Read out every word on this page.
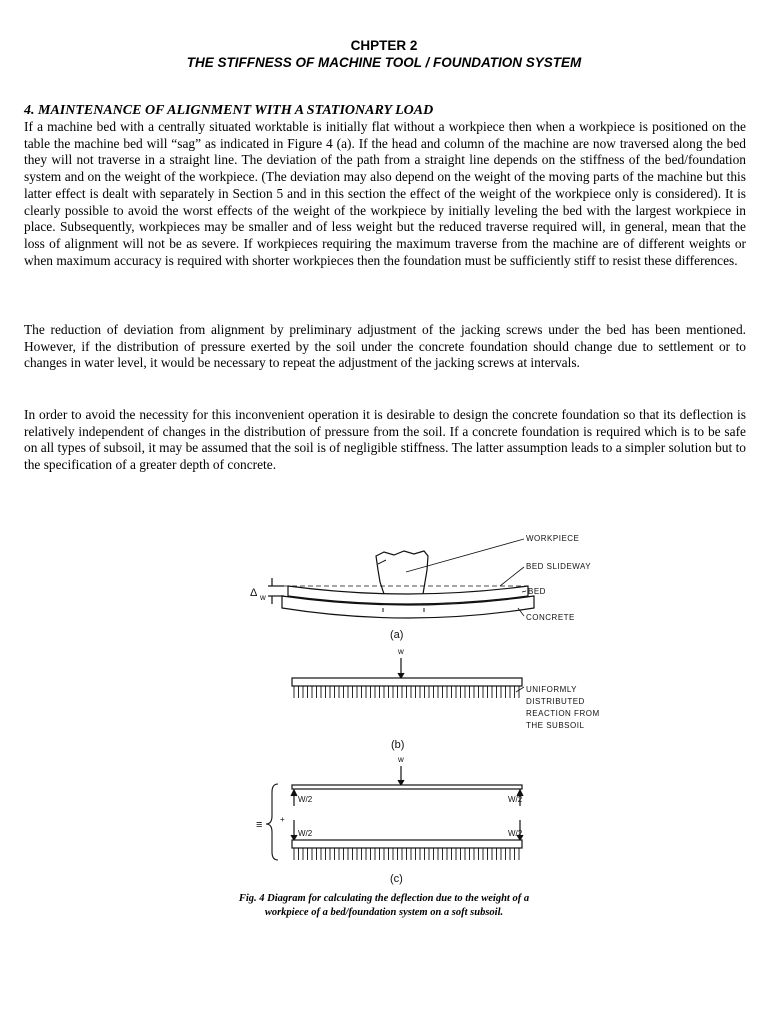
CHPTER 2
THE STIFFNESS OF MACHINE TOOL / FOUNDATION SYSTEM
4. MAINTENANCE OF ALIGNMENT WITH A STATIONARY LOAD

If a machine bed with a centrally situated worktable is initially flat without a workpiece then when a workpiece is positioned on the table the machine bed will “sag” as indicated in Figure 4 (a). If the head and column of the machine are now traversed along the bed they will not traverse in a straight line. The deviation of the path from a straight line depends on the stiffness of the bed/foundation system and on the weight of the workpiece. (The deviation may also depend on the weight of the moving parts of the machine but this latter effect is dealt with separately in Section 5 and in this section the effect of the weight of the workpiece only is considered). It is clearly possible to avoid the worst effects of the weight of the workpiece by initially leveling the bed with the largest workpiece in place. Subsequently, workpieces may be smaller and of less weight but the reduced traverse required will, in general, mean that the loss of alignment will not be as severe. If workpieces requiring the maximum traverse from the machine are of different weights or when maximum accuracy is required with shorter workpieces then the foundation must be sufficiently stiff to resist these differences.

The reduction of deviation from alignment by preliminary adjustment of the jacking screws under the bed has been mentioned. However, if the distribution of pressure exerted by the soil under the concrete foundation should change due to settlement or to changes in water level, it would be necessary to repeat the adjustment of the jacking screws at intervals.

In order to avoid the necessity for this inconvenient operation it is desirable to design the concrete foundation so that its deflection is relatively independent of changes in the distribution of pressure from the soil. If a concrete foundation is required which is to be safe on all types of subsoil, it may be assumed that the soil is of negligible stiffness. The latter assumption leads to a simpler solution but to the specification of a greater depth of concrete.

Δ w
WORKPIECE
BED SLIDEWAY
BED
CONCRETE
(a)
w
UNIFORMLY
DISTRIBUTED
REACTION FROM
THE SUBSOIL
(b)
W/2	W/2
W/2	W/2
w
≡ +
(c)
Fig. 4 Diagram for calculating the deflection due to the weight of a
workpiece of a bed/foundation system on a soft subsoil.
